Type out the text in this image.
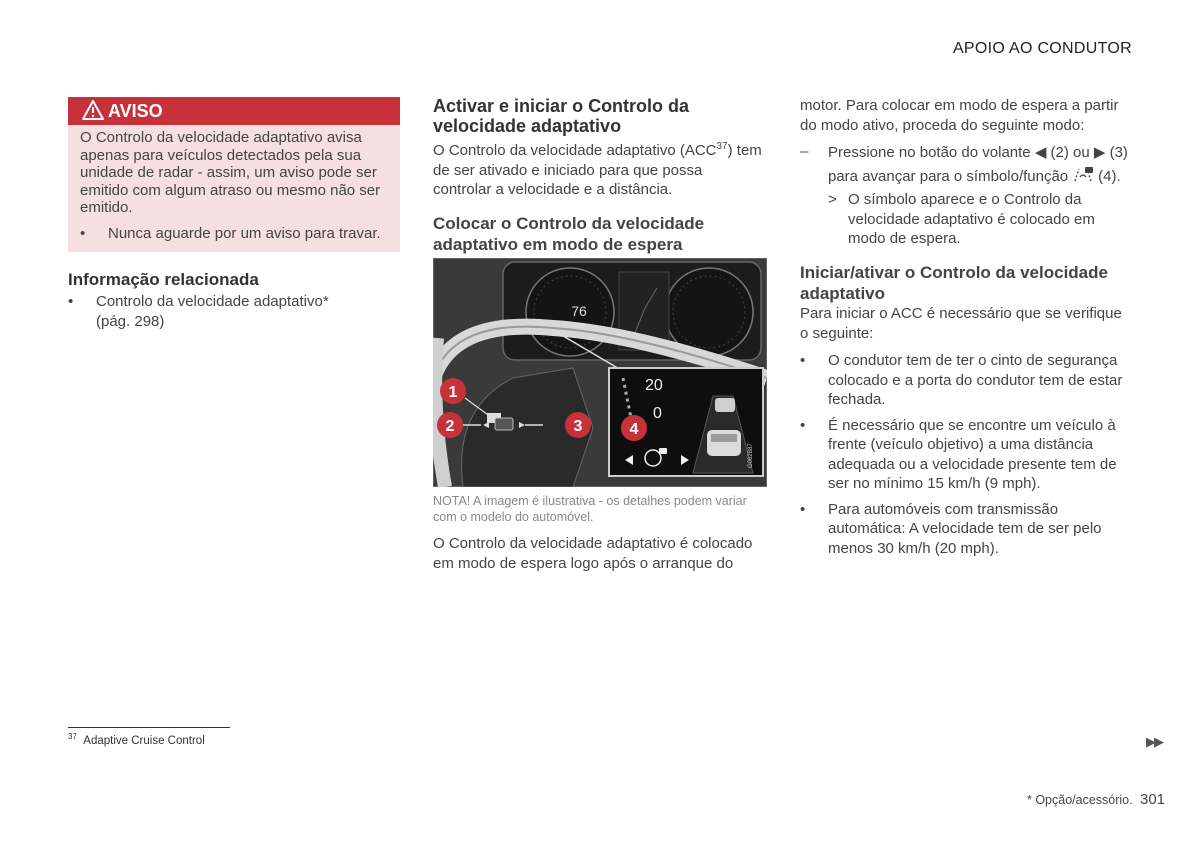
APOIO AO CONDUTOR
AVISO
O Controlo da velocidade adaptativo avisa apenas para veículos detectados pela sua unidade de radar - assim, um aviso pode ser emitido com algum atraso ou mesmo não ser emitido.
• Nunca aguarde por um aviso para travar.
Informação relacionada
• Controlo da velocidade adaptativo* (pág. 298)
$^{37}$ Adaptive Cruise Control
Activar e iniciar o Controlo da velocidade adaptativo
O Controlo da velocidade adaptativo (ACC$^{37}$) tem de ser ativado e iniciado para que possa controlar a velocidade e a distância.
Colocar o Controlo da velocidade adaptativo em modo de espera
76
1
2	3
20
0
4
G062887
NOTA! A imagem é ilustrativa - os detalhes podem variar com o modelo do automóvel.
O Controlo da velocidade adaptativo é colocado em modo de espera logo após o arranque do
motor. Para colocar em modo de espera a partir do modo ativo, proceda do seguinte modo:
– Pressione no botão do volante ◀ (2) ou ▶ (3)
para avançar para o símbolo/função (4).
> O símbolo aparece e o Controlo da velocidade adaptativo é colocado em modo de espera.
Iniciar/ativar o Controlo da velocidade adaptativo
Para iniciar o ACC é necessário que se verifique o seguinte:
• O condutor tem de ter o cinto de segurança colocado e a porta do condutor tem de estar fechada.
• É necessário que se encontre um veículo à frente (veículo objetivo) a uma distância adequada ou a velocidade presente tem de ser no mínimo 15 km/h (9 mph).
• Para automóveis com transmissão automática: A velocidade tem de ser pelo menos 30 km/h (20 mph).
▶▶
* Opção/acessório. 301
